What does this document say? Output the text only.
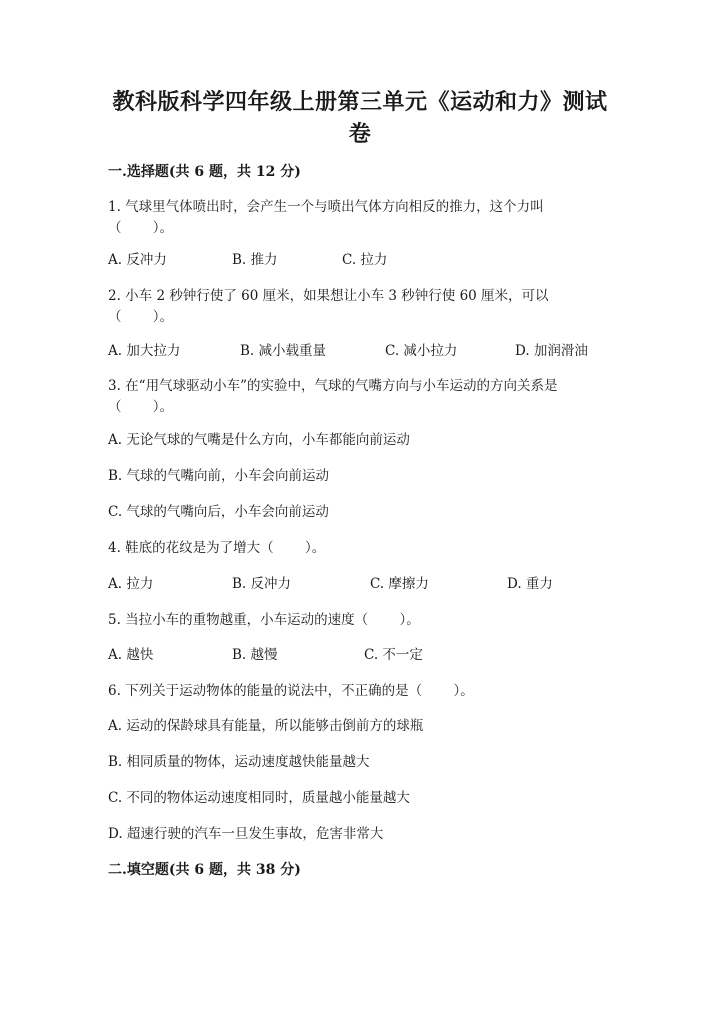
教科版科学四年级上册第三单元《运动和力》测试
卷
一.选择题(共 6 题，共 12 分)
1. 气球里气体喷出时，会产生一个与喷出气体方向相反的推力，这个力叫
（　　 ）。
A. 反冲力	B. 推力	C. 拉力
2. 小车 2 秒钟行使了 60 厘米，如果想让小车 3 秒钟行使 60 厘米，可以
（　　 ）。
A. 加大拉力	B. 减小载重量	C. 减小拉力	D. 加润滑油
3. 在“用气球驱动小车”的实验中，气球的气嘴方向与小车运动的方向关系是
（　　 ）。
A. 无论气球的气嘴是什么方向，小车都能向前运动
B. 气球的气嘴向前，小车会向前运动
C. 气球的气嘴向后，小车会向前运动
4. 鞋底的花纹是为了增大（　　 ）。
A. 拉力	B. 反冲力	C. 摩擦力	D. 重力
5. 当拉小车的重物越重，小车运动的速度（　　 ）。
A. 越快	B. 越慢	C. 不一定
6. 下列关于运动物体的能量的说法中，不正确的是（　　 ）。
A. 运动的保龄球具有能量，所以能够击倒前方的球瓶
B. 相同质量的物体，运动速度越快能量越大
C. 不同的物体运动速度相同时，质量越小能量越大
D. 超速行驶的汽车一旦发生事故，危害非常大
二.填空题(共 6 题，共 38 分)
